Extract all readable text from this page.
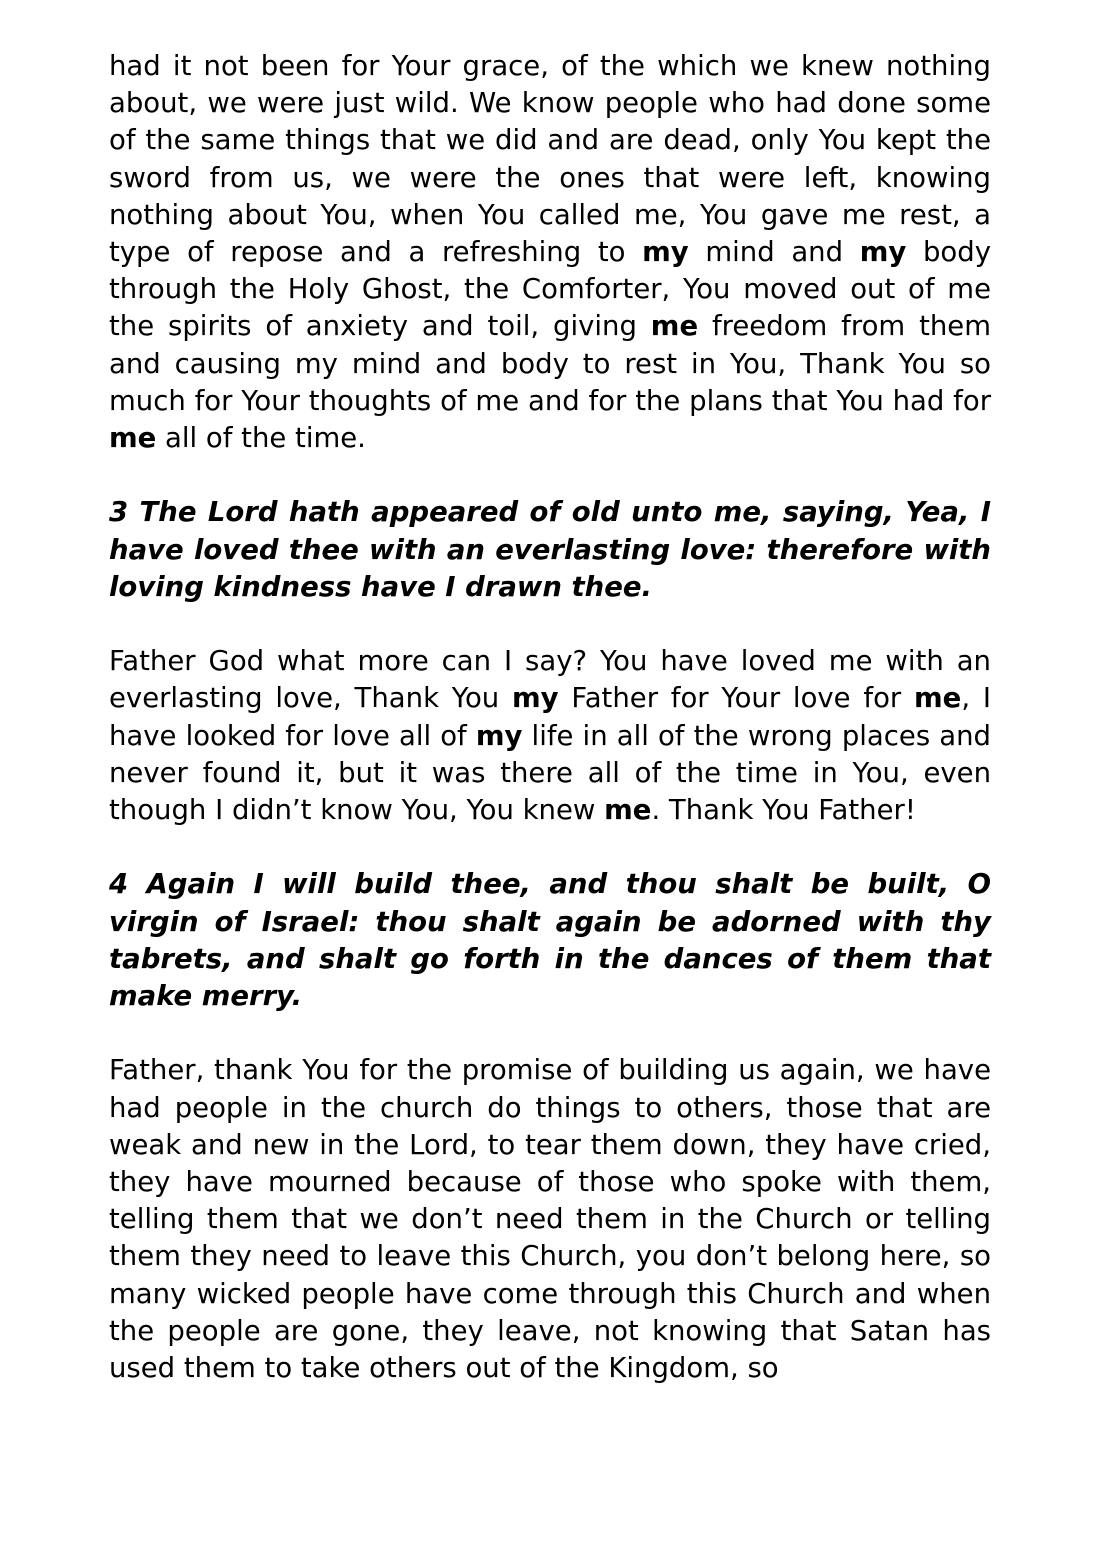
had it not been for Your grace, of the which we knew nothing about, we were just wild. We know people who had done some of the same things that we did and are dead, only You kept the sword from us, we were the ones that were left, knowing nothing about You, when You called me, You gave me rest, a type of repose and a refreshing to my mind and my body through the Holy Ghost, the Comforter, You moved out of me the spirits of anxiety and toil, giving me freedom from them and causing my mind and body to rest in You, Thank You so much for Your thoughts of me and for the plans that You had for me all of the time.

3 The Lord hath appeared of old unto me, saying, Yea, I have loved thee with an everlasting love: therefore with loving kindness have I drawn thee.

Father God what more can I say? You have loved me with an everlasting love, Thank You my Father for Your love for me, I have looked for love all of my life in all of the wrong places and never found it, but it was there all of the time in You, even though I didn’t know You, You knew me. Thank You Father!

4 Again I will build thee, and thou shalt be built, O virgin of Israel: thou shalt again be adorned with thy tabrets, and shalt go forth in the dances of them that make merry.

Father, thank You for the promise of building us again, we have had people in the church do things to others, those that are weak and new in the Lord, to tear them down, they have cried, they have mourned because of those who spoke with them, telling them that we don’t need them in the Church or telling them they need to leave this Church, you don’t belong here, so many wicked people have come through this Church and when the people are gone, they leave, not knowing that Satan has used them to take others out of the Kingdom, so
